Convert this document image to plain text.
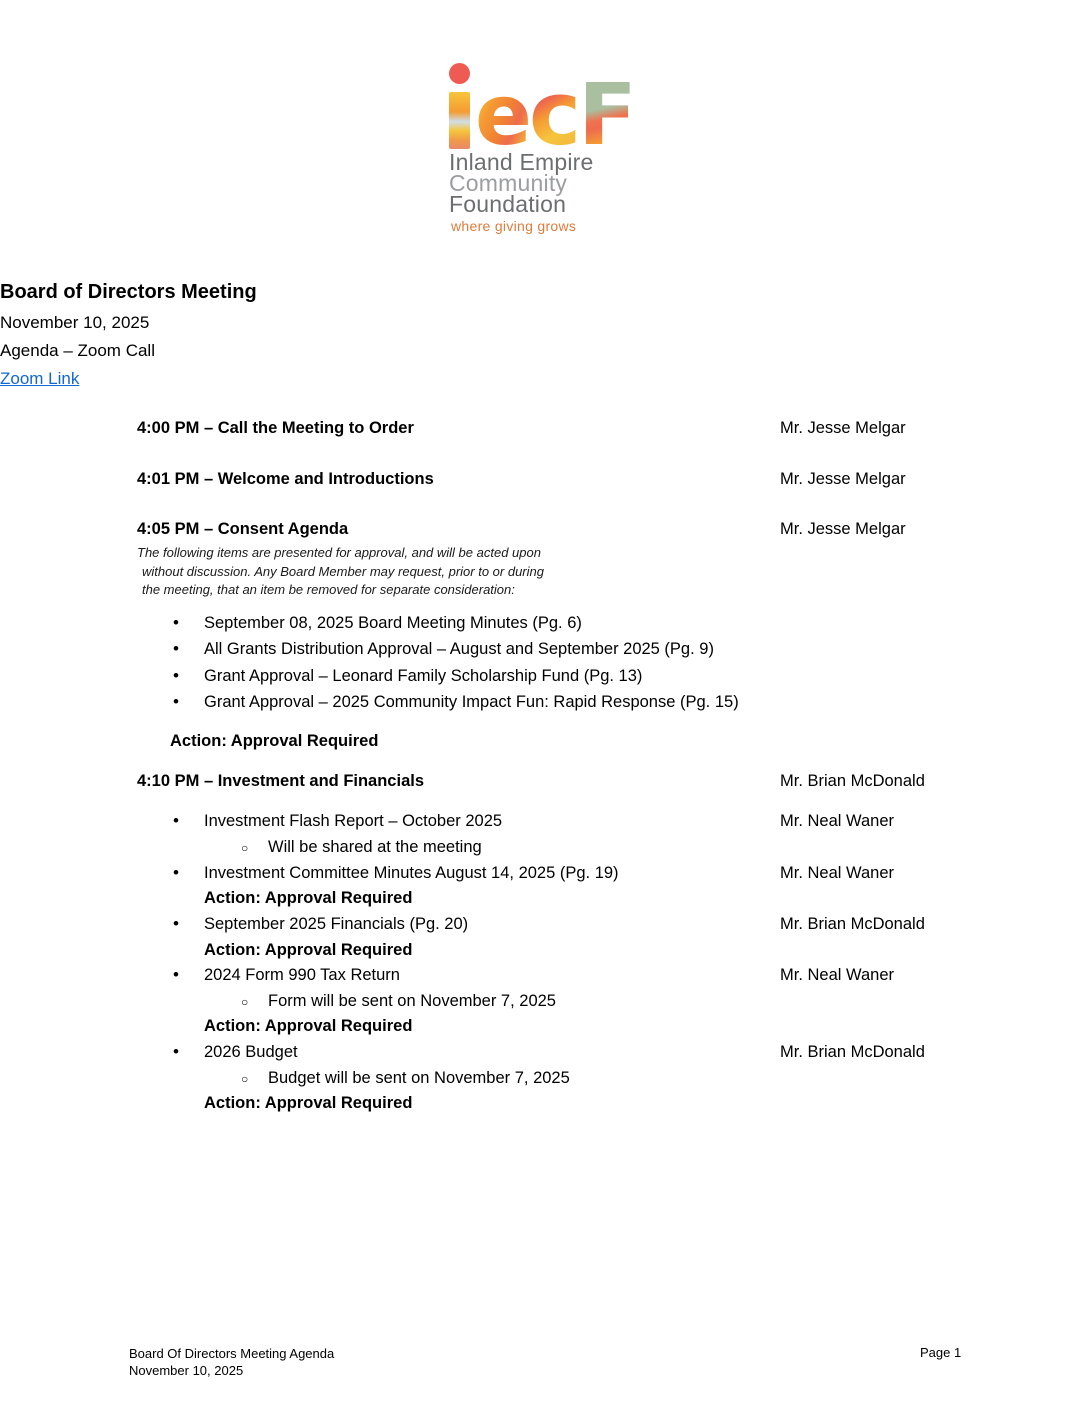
e c F
Inland Empire
Community
Foundation
where giving grows
Board of Directors Meeting
November 10, 2025
Agenda – Zoom Call
Zoom Link
4:00 PM – Call the Meeting to Order	Mr. Jesse Melgar
4:01 PM – Welcome and Introductions	Mr. Jesse Melgar
4:05 PM – Consent Agenda	Mr. Jesse Melgar
The following items are presented for approval, and will be acted upon
without discussion. Any Board Member may request, prior to or during
the meeting, that an item be removed for separate consideration:
• September 08, 2025 Board Meeting Minutes (Pg. 6)
• All Grants Distribution Approval – August and September 2025 (Pg. 9)
• Grant Approval – Leonard Family Scholarship Fund (Pg. 13)
• Grant Approval – 2025 Community Impact Fun: Rapid Response (Pg. 15)
Action: Approval Required
4:10 PM – Investment and Financials	Mr. Brian McDonald
• Investment Flash Report – October 2025	Mr. Neal Waner
○ Will be shared at the meeting
• Investment Committee Minutes August 14, 2025 (Pg. 19)	Mr. Neal Waner
Action: Approval Required
• September 2025 Financials (Pg. 20)	Mr. Brian McDonald
Action: Approval Required
• 2024 Form 990 Tax Return	Mr. Neal Waner
○ Form will be sent on November 7, 2025
Action: Approval Required
• 2026 Budget	Mr. Brian McDonald
○ Budget will be sent on November 7, 2025
Action: Approval Required
Board Of Directors Meeting Agenda
November 10, 2025
Page 1
